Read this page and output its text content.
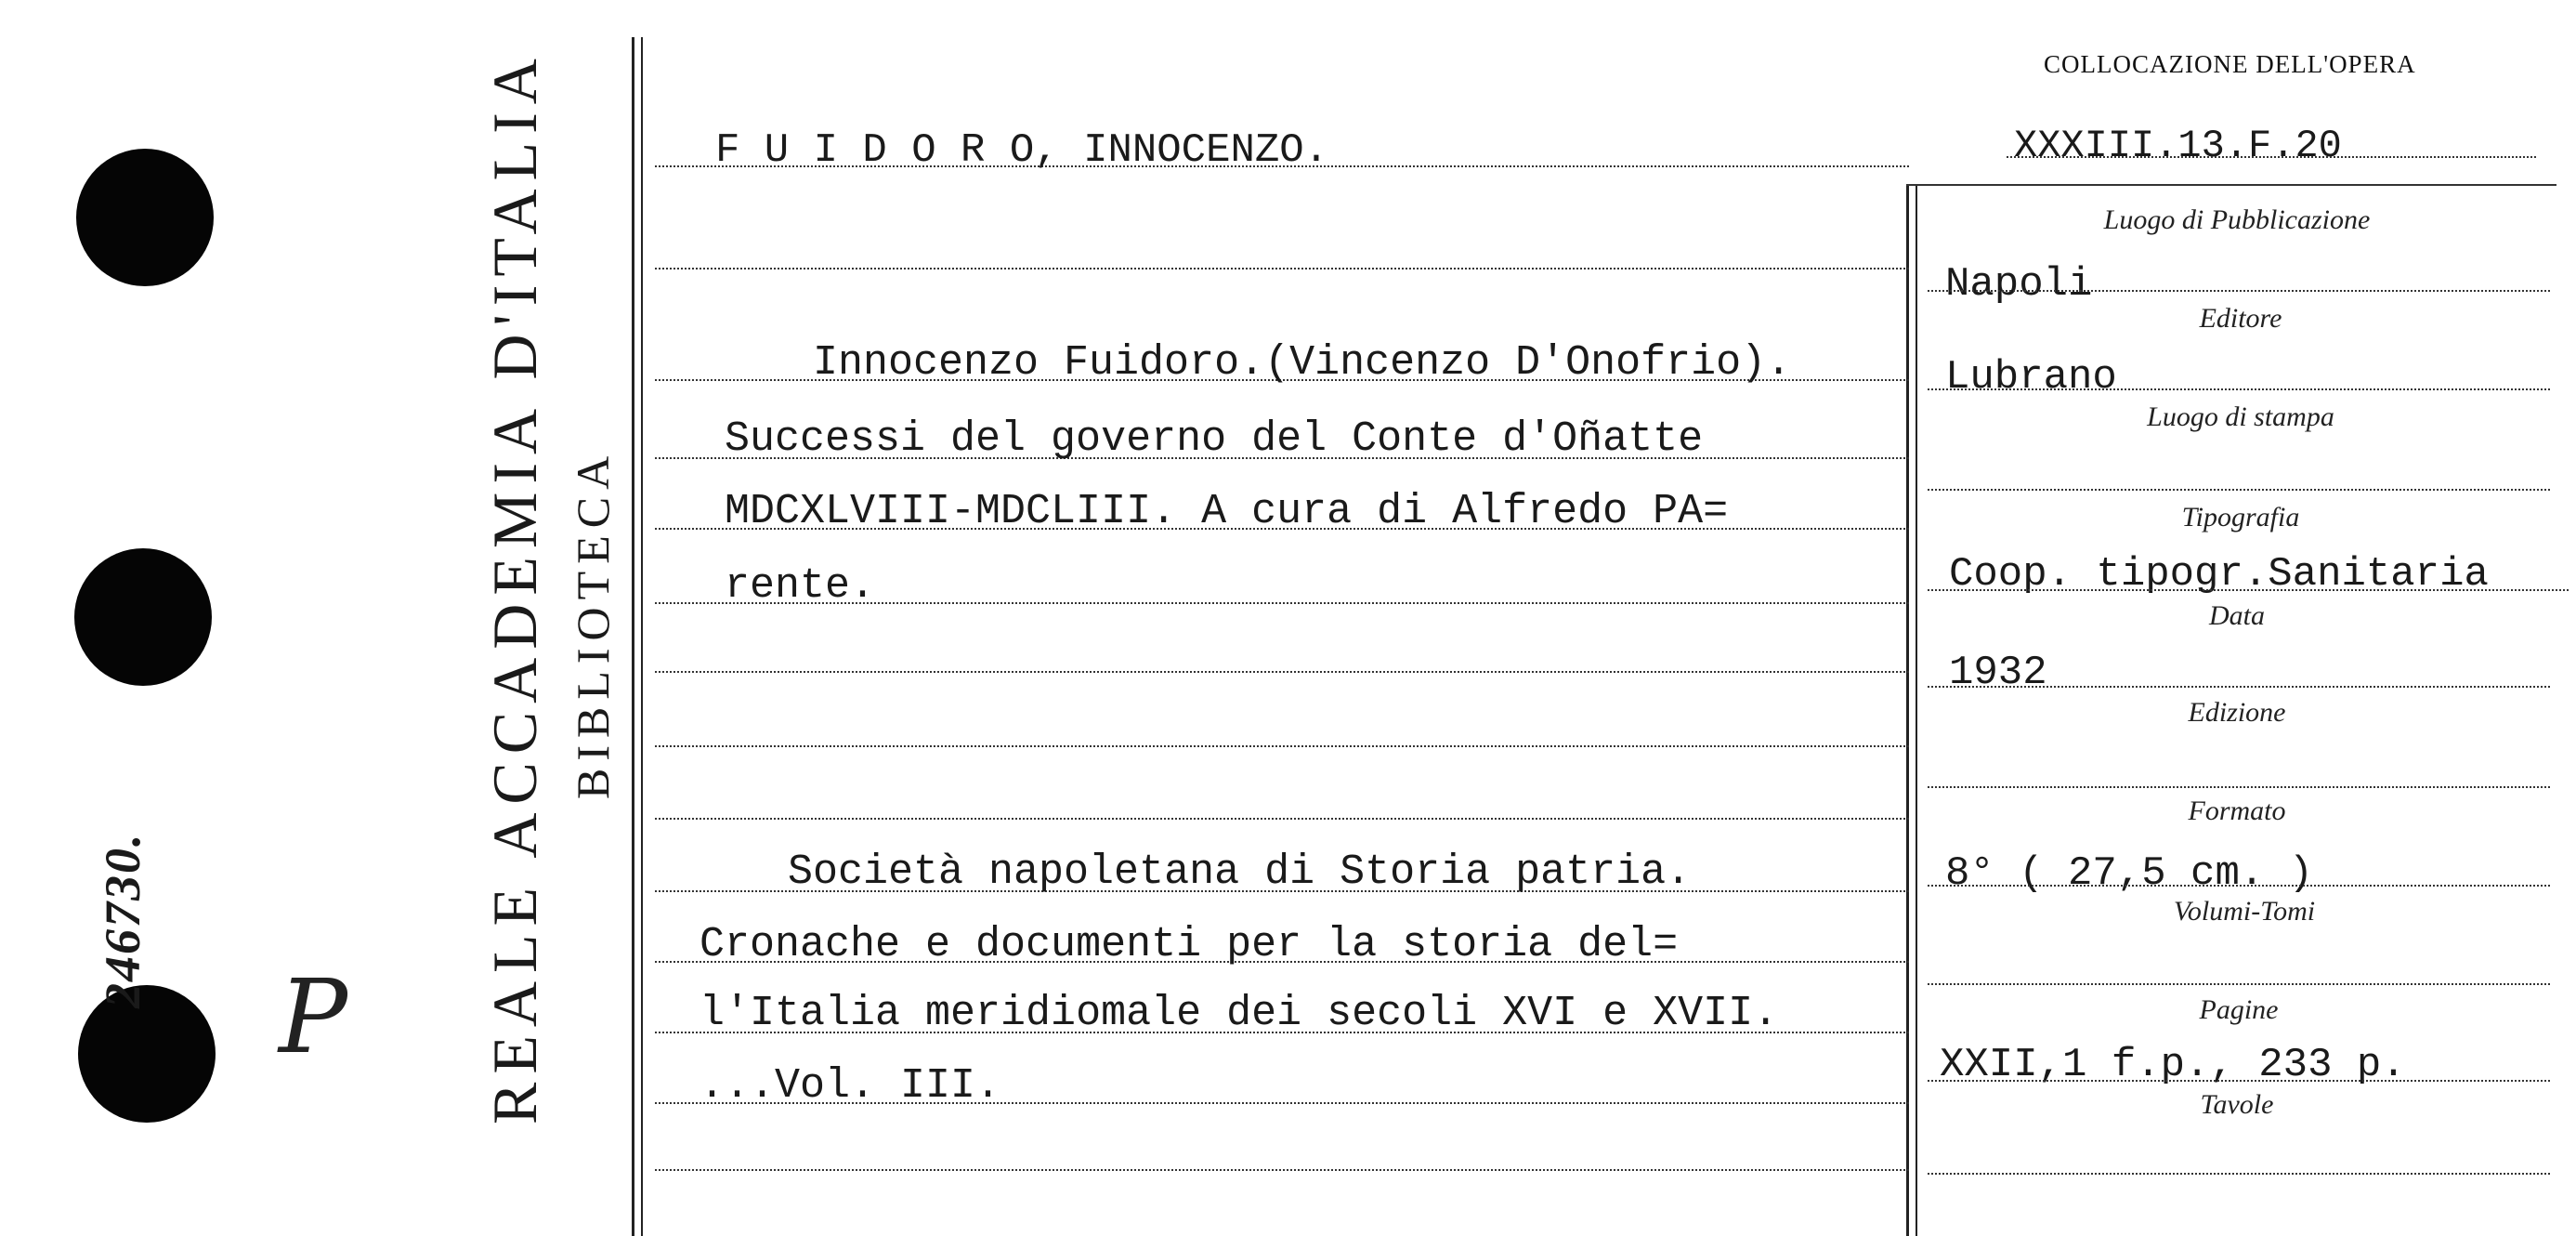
246730.
P REALE ACCADEMIA D'ITALIA BIBLIOTECA
COLLOCAZIONE DELL'OPERA
XXXIII.13.F.20
F U I D O R O, INNOCENZO.
Innocenzo Fuidoro.(Vincenzo D'Onofrio).
Successi del governo del Conte d'Oñatte
MDCXLVIII-MDCLIII. A cura di Alfredo PA=
rente.
Società napoletana di Storia patria.
Cronache e documenti per la storia del=
l'Italia meridiomale dei secoli XVI e XVII.
...Vol. III.
Luogo di Pubblicazione
Napoli
Editore
Lubrano
Luogo di stampa
Tipografia
Coop. tipogr.Sanitaria
Data
1932
Edizione
Formato
8° ( 27,5 cm. )
Volumi-Tomi
Pagine
XXII,1 f.p., 233 p.
Tavole
